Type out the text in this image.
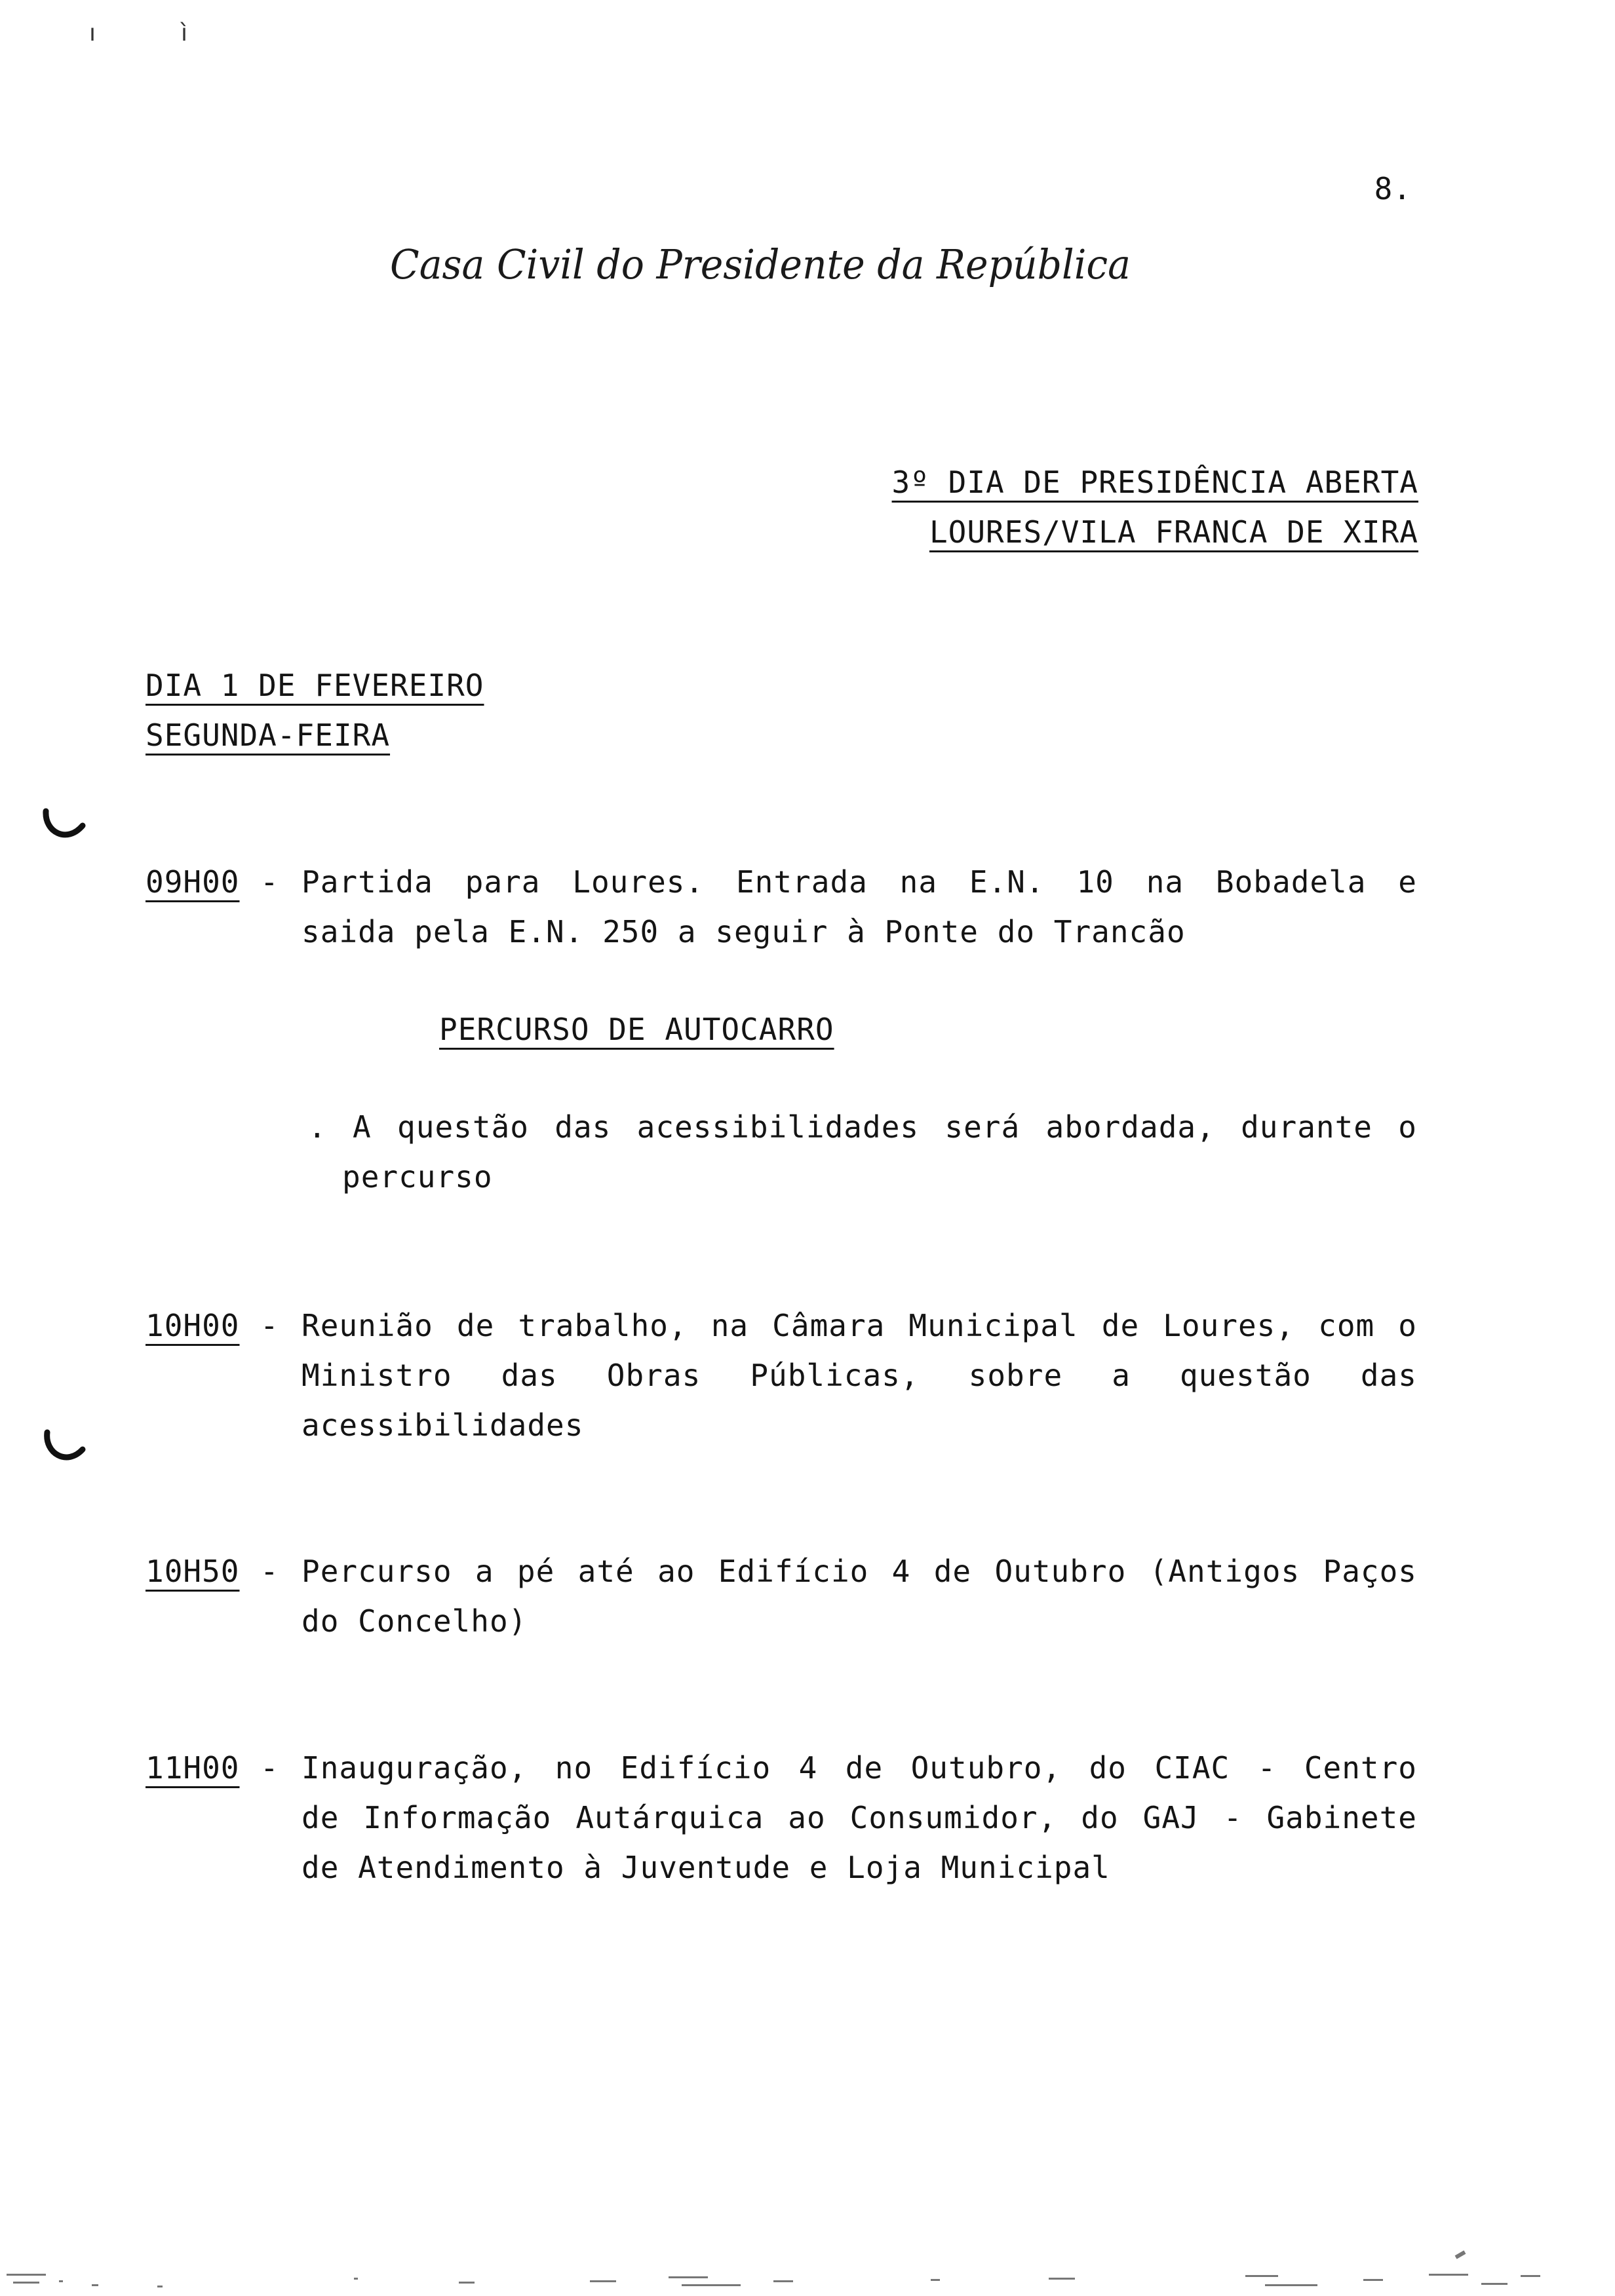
ı	ì
8.
Casa Civil do Presidente da República
3º DIA DE PRESIDÊNCIA ABERTA
LOURES/VILA FRANCA DE XIRA
DIA 1 DE FEVEREIRO
SEGUNDA-FEIRA
09H00 - Partida para Loures. Entrada na E.N. 10 na Bobadela e
saida pela E.N. 250 a seguir à Ponte do Trancão
PERCURSO DE AUTOCARRO
. A questão das acessibilidades será abordada, durante o
percurso
10H00 - Reunião de trabalho, na Câmara Municipal de Loures, com o
Ministro das Obras Públicas, sobre a questão das
acessibilidades
10H50 - Percurso a pé até ao Edifício 4 de Outubro (Antigos Paços
do Concelho)
11H00 - Inauguração, no Edifício 4 de Outubro, do CIAC - Centro
de Informação Autárquica ao Consumidor, do GAJ - Gabinete
de Atendimento à Juventude e Loja Municipal
